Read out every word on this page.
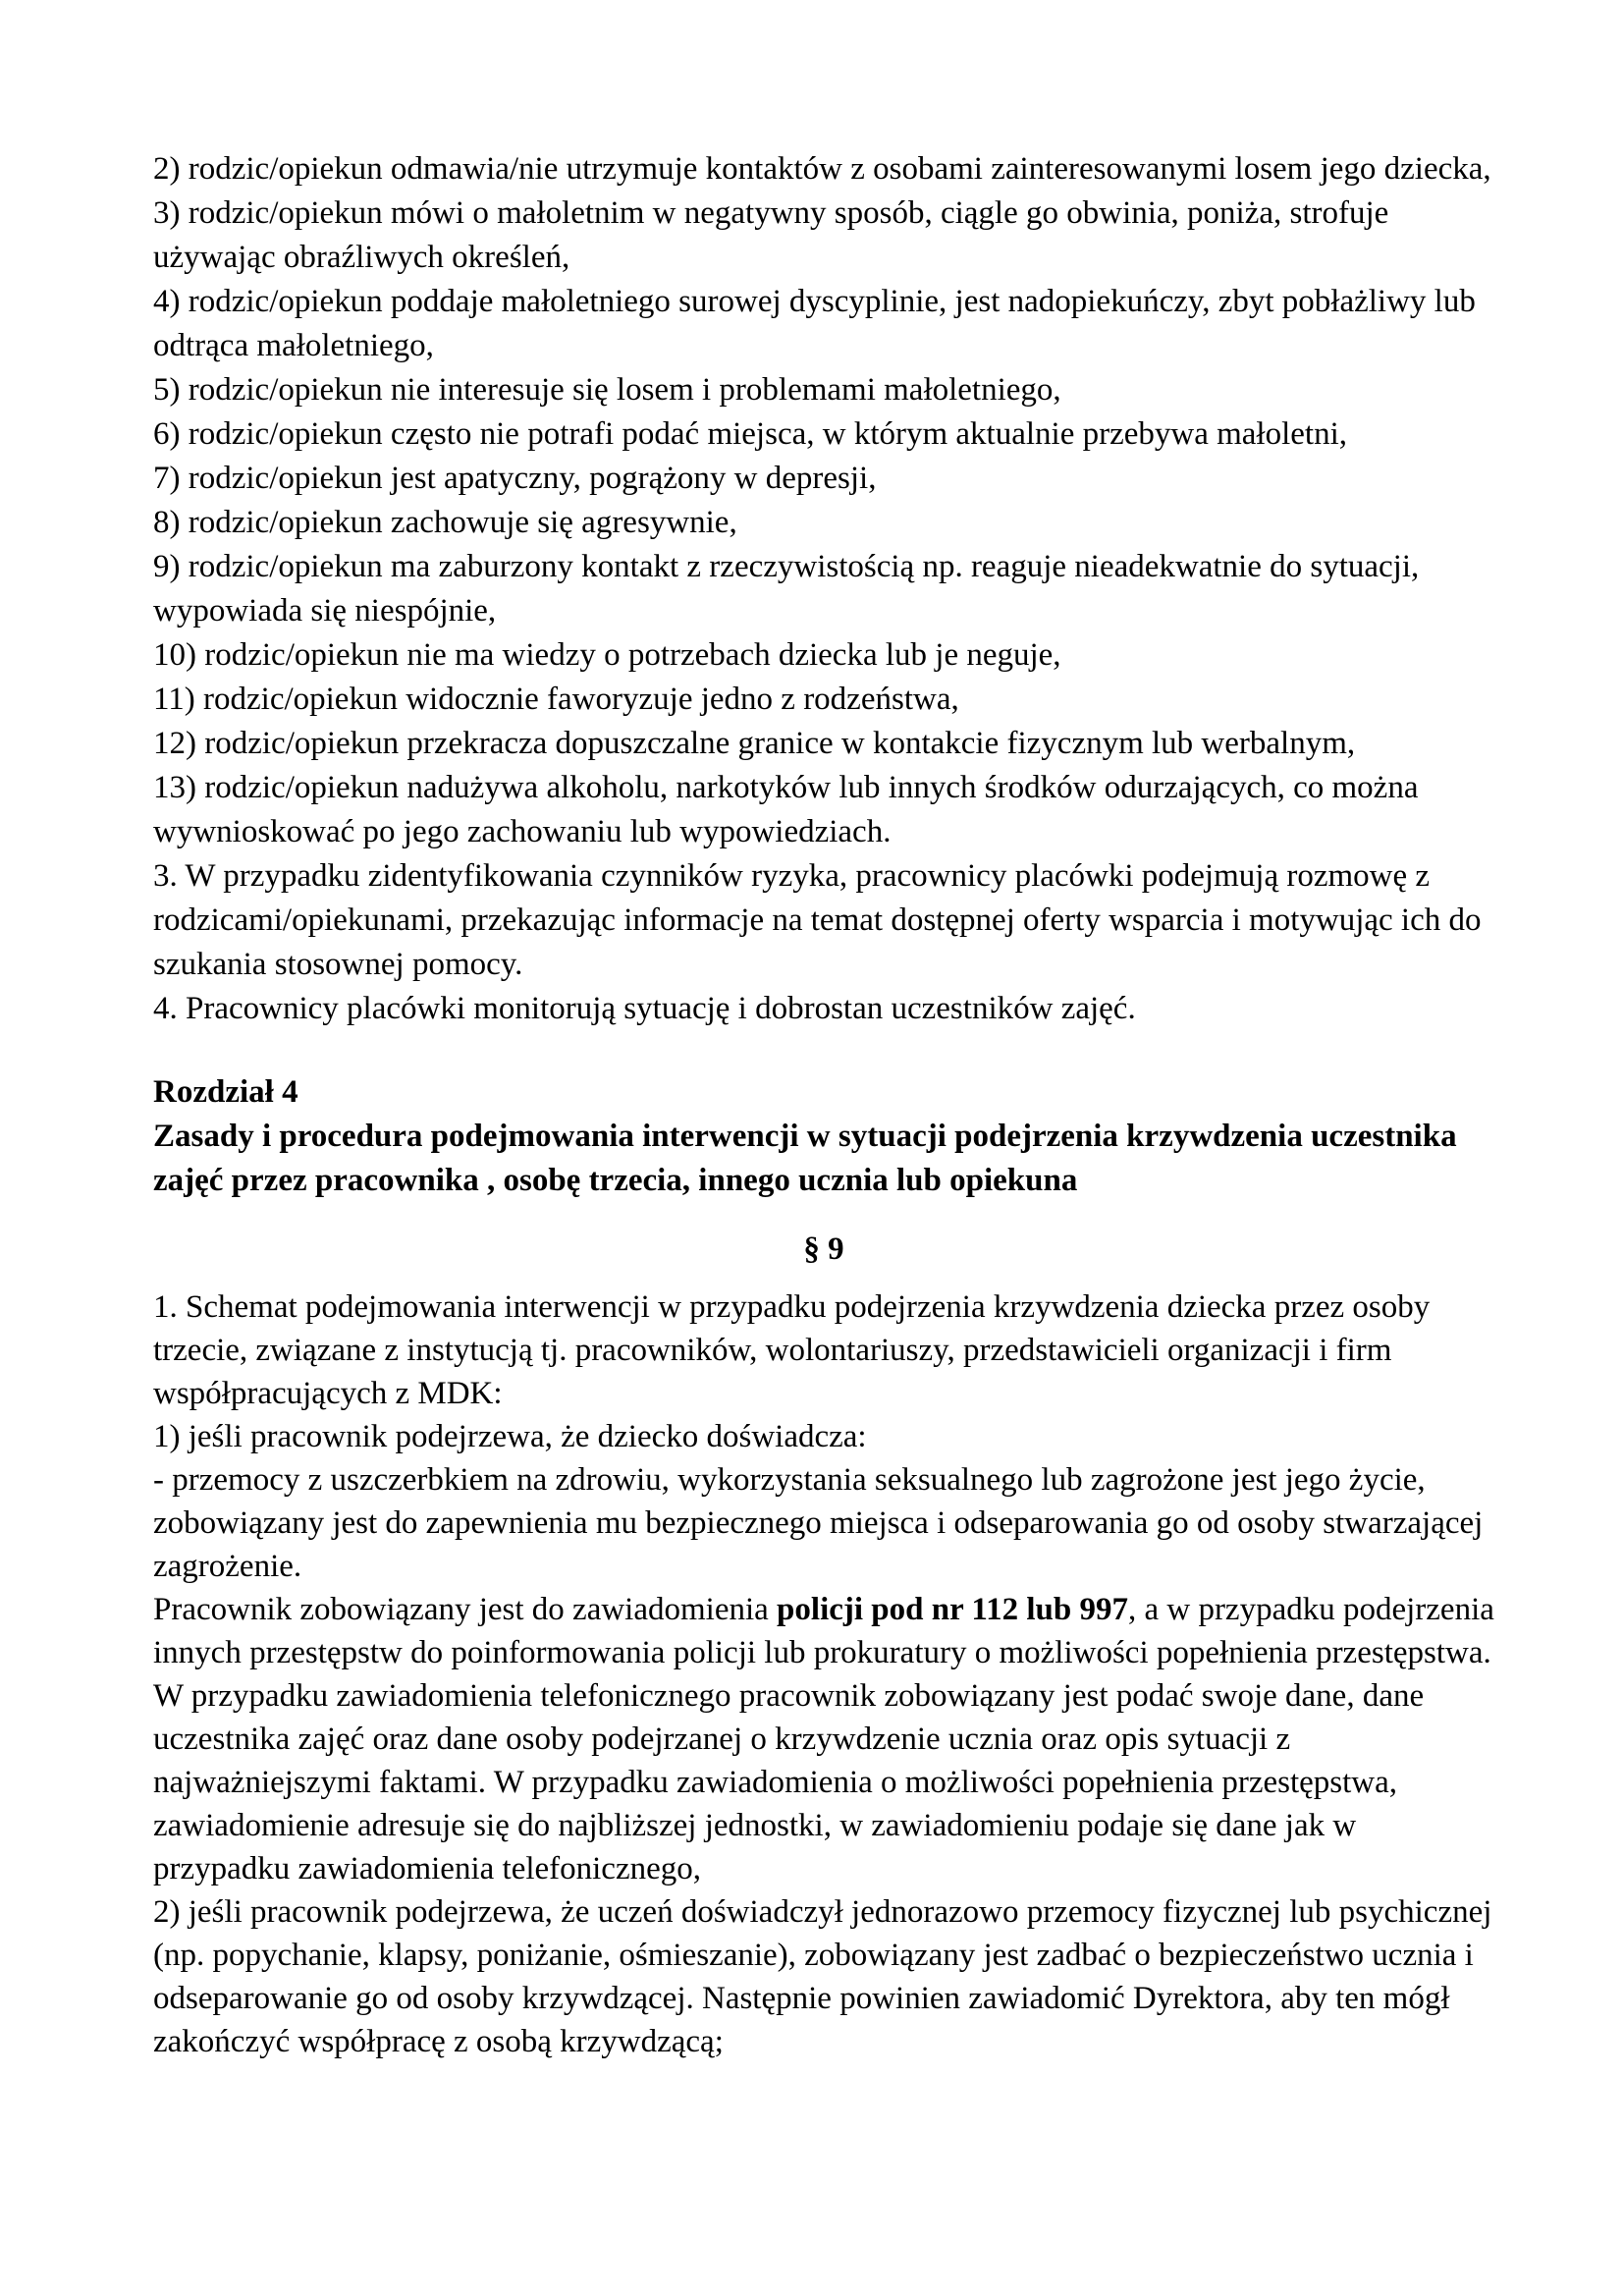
2) rodzic/opiekun odmawia/nie utrzymuje kontaktów z osobami zainteresowanymi losem jego dziecka,

3) rodzic/opiekun mówi o małoletnim w negatywny sposób, ciągle go obwinia, poniża, strofuje używając obraźliwych określeń,

4) rodzic/opiekun poddaje małoletniego surowej dyscyplinie, jest nadopiekuńczy, zbyt pobłażliwy lub odtrąca małoletniego,

5) rodzic/opiekun nie interesuje się losem i problemami małoletniego,

6) rodzic/opiekun często nie potrafi podać miejsca, w którym aktualnie przebywa małoletni,

7) rodzic/opiekun jest apatyczny, pogrążony w depresji,

8) rodzic/opiekun zachowuje się agresywnie,

9) rodzic/opiekun ma zaburzony kontakt z rzeczywistością np. reaguje nieadekwatnie do sytuacji, wypowiada się niespójnie,

10) rodzic/opiekun nie ma wiedzy o potrzebach dziecka lub je neguje,

11) rodzic/opiekun widocznie faworyzuje jedno z rodzeństwa,

12) rodzic/opiekun przekracza dopuszczalne granice w kontakcie fizycznym lub werbalnym,

13) rodzic/opiekun nadużywa alkoholu, narkotyków lub innych środków odurzających, co można wywnioskować po jego zachowaniu lub wypowiedziach.

3. W przypadku zidentyfikowania czynników ryzyka, pracownicy placówki podejmują rozmowę z rodzicami/opiekunami, przekazując informacje na temat dostępnej oferty wsparcia i motywując ich do szukania stosownej pomocy.

4. Pracownicy placówki monitorują sytuację i dobrostan uczestników zajęć.

Rozdział 4

Zasady i procedura podejmowania interwencji w sytuacji podejrzenia krzywdzenia uczestnika zajęć przez pracownika , osobę trzecia, innego ucznia lub opiekuna

§ 9

1. Schemat podejmowania interwencji w przypadku podejrzenia krzywdzenia dziecka przez osoby trzecie, związane z instytucją tj. pracowników, wolontariuszy, przedstawicieli organizacji i firm współpracujących z MDK:

1) jeśli pracownik podejrzewa, że dziecko doświadcza:

- przemocy z uszczerbkiem na zdrowiu, wykorzystania seksualnego lub zagrożone jest jego życie, zobowiązany jest do zapewnienia mu bezpiecznego miejsca i odseparowania go od osoby stwarzającej zagrożenie.

Pracownik zobowiązany jest do zawiadomienia policji pod nr 112 lub 997, a w przypadku podejrzenia innych przestępstw do poinformowania policji lub prokuratury o możliwości popełnienia przestępstwa. W przypadku zawiadomienia telefonicznego pracownik zobowiązany jest podać swoje dane, dane uczestnika zajęć oraz dane osoby podejrzanej o krzywdzenie ucznia oraz opis sytuacji z najważniejszymi faktami. W przypadku zawiadomienia o możliwości popełnienia przestępstwa, zawiadomienie adresuje się do najbliższej jednostki, w zawiadomieniu podaje się dane jak w przypadku zawiadomienia telefonicznego,

2) jeśli pracownik podejrzewa, że uczeń doświadczył jednorazowo przemocy fizycznej lub psychicznej (np. popychanie, klapsy, poniżanie, ośmieszanie), zobowiązany jest zadbać o bezpieczeństwo ucznia i odseparowanie go od osoby krzywdzącej. Następnie powinien zawiadomić Dyrektora, aby ten mógł zakończyć współpracę z osobą krzywdzącą;
